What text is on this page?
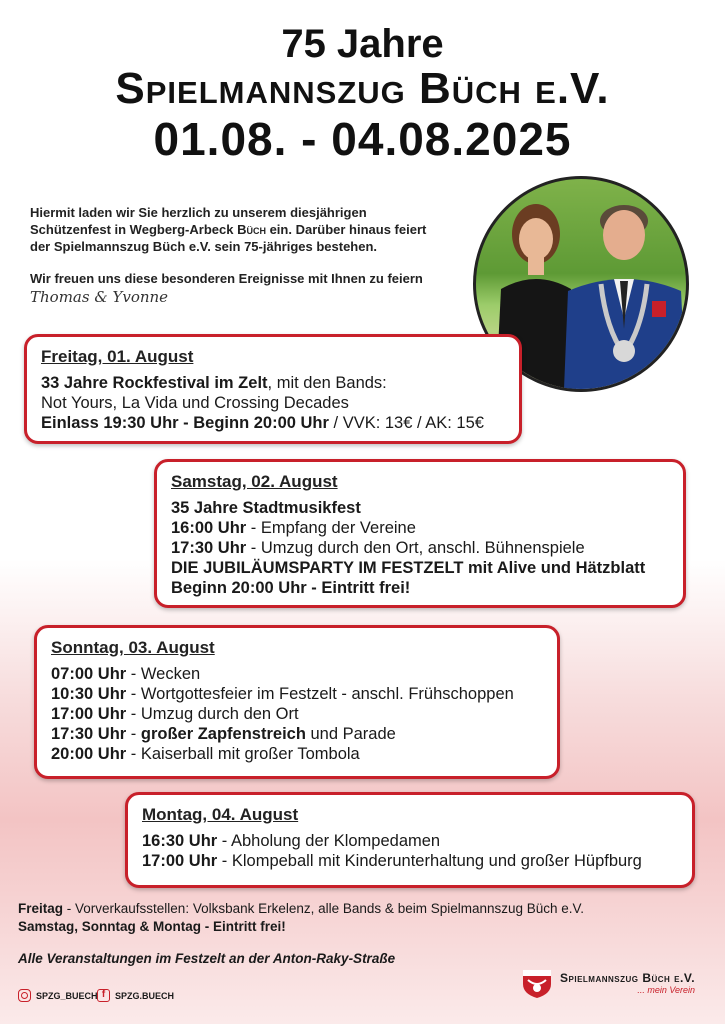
75 Jahre
Spielmannszug Büch e.V.
01.08. - 04.08.2025

Hiermit laden wir Sie herzlich zu unserem diesjährigen
Schützenfest in Wegberg-Arbeck Büch ein. Darüber hinaus feiert
der Spielmannszug Büch e.V. sein 75-jähriges bestehen.

Wir freuen uns diese besonderen Ereignisse mit Ihnen zu feiern

Thomas & Yvonne
Freitag, 01. August
33 Jahre Rockfestival im Zelt, mit den Bands:
Not Yours, La Vida und Crossing Decades
Einlass 19:30 Uhr - Beginn 20:00 Uhr / VVK: 13€ / AK: 15€
Samstag, 02. August
35 Jahre Stadtmusikfest
16:00 Uhr - Empfang der Vereine
17:30 Uhr - Umzug durch den Ort, anschl. Bühnenspiele
DIE JUBILÄUMSPARTY IM FESTZELT mit Alive und Hätzblatt
Beginn 20:00 Uhr - Eintritt frei!
Sonntag, 03. August
07:00 Uhr - Wecken
10:30 Uhr - Wortgottesfeier im Festzelt - anschl. Frühschoppen
17:00 Uhr - Umzug durch den Ort
17:30 Uhr - großer Zapfenstreich und Parade
20:00 Uhr - Kaiserball mit großer Tombola
Montag, 04. August
16:30 Uhr - Abholung der Klompedamen
17:00 Uhr - Klompeball mit Kinderunterhaltung und großer Hüpfburg
Freitag - Vorverkaufsstellen: Volksbank Erkelenz, alle Bands & beim Spielmannszug Büch e.V.
Samstag, Sonntag & Montag - Eintritt frei!
Alle Veranstaltungen im Festzelt an der Anton-Raky-Straße
SPZG_BUECH f	SPZG.BUECH
Spielmannszug Büch e.V.
... mein Verein
